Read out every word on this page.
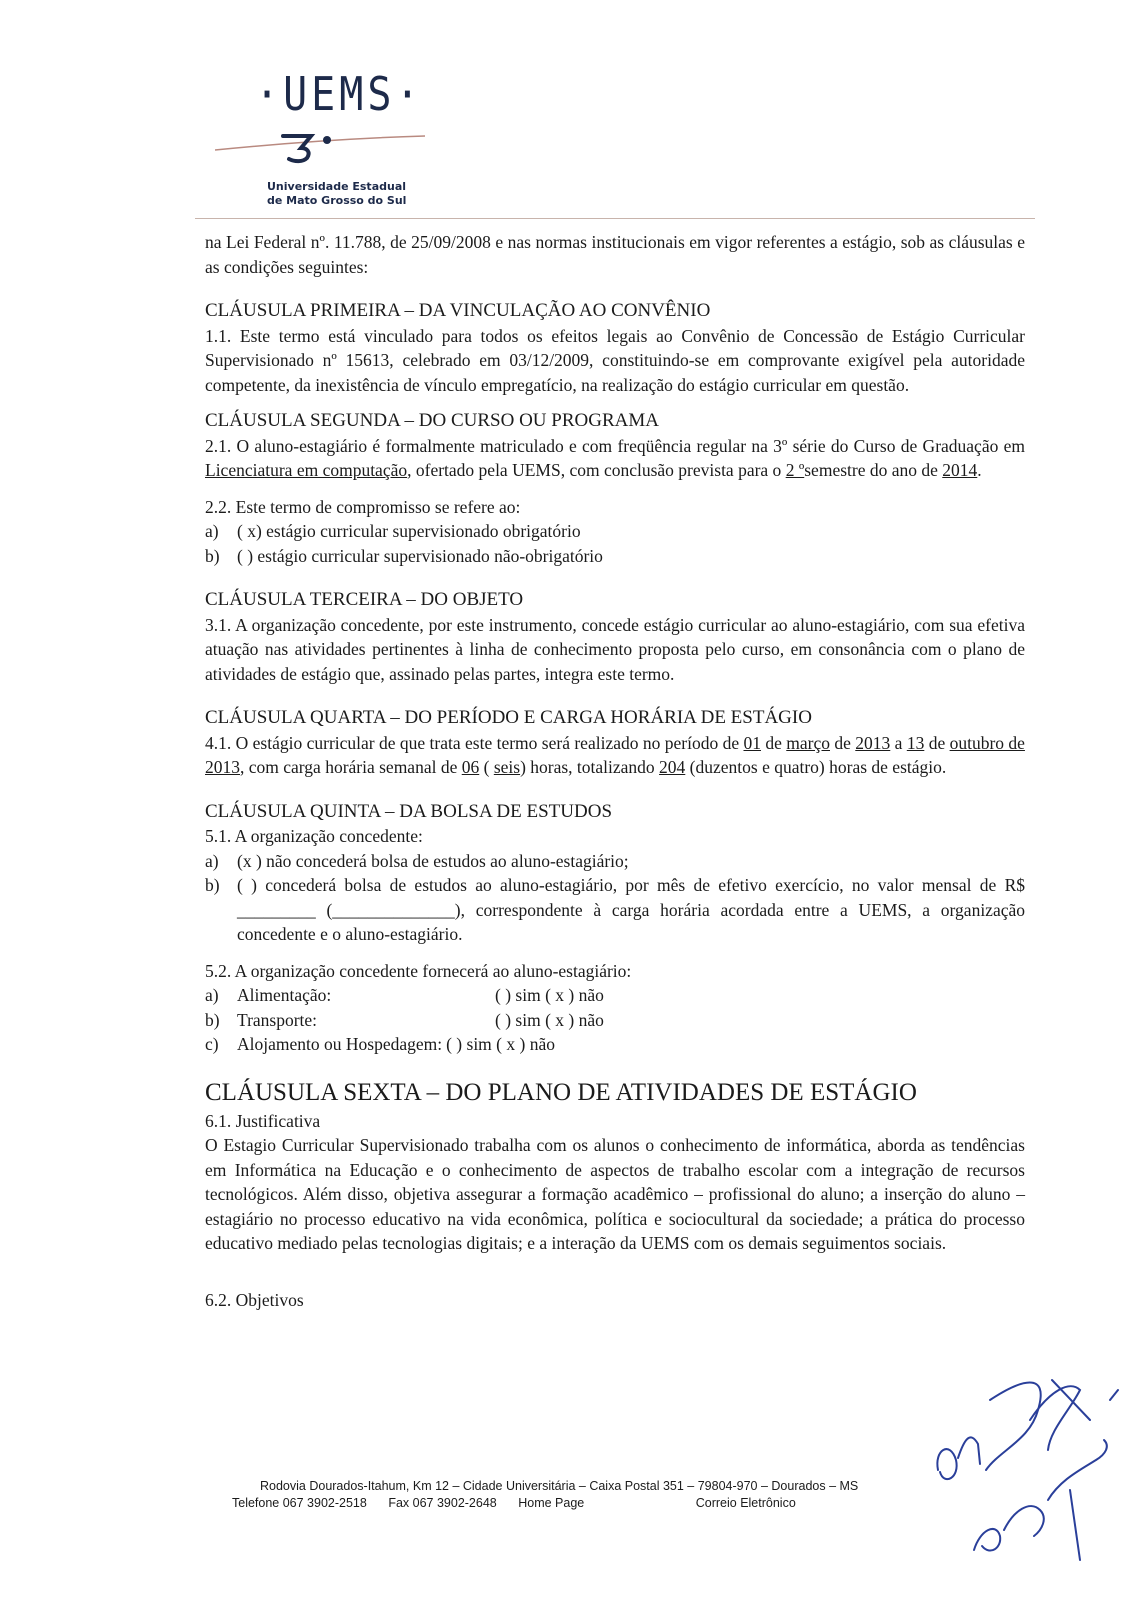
·UEMS·
Universidade Estadual
de Mato Grosso do Sul

na Lei Federal nº. 11.788, de 25/09/2008 e nas normas institucionais em vigor referentes a estágio, sob as cláusulas e as condições seguintes:

CLÁUSULA PRIMEIRA – DA VINCULAÇÃO AO CONVÊNIO

1.1. Este termo está vinculado para todos os efeitos legais ao Convênio de Concessão de Estágio Curricular Supervisionado nº 15613, celebrado em 03/12/2009, constituindo-se em comprovante exigível pela autoridade competente, da inexistência de vínculo empregatício, na realização do estágio curricular em questão.

CLÁUSULA SEGUNDA – DO CURSO OU PROGRAMA

2.1. O aluno-estagiário é formalmente matriculado e com freqüência regular na 3º série do Curso de Graduação em Licenciatura em computação, ofertado pela UEMS, com conclusão prevista para o 2 ºsemestre do ano de 2014.

2.2. Este termo de compromisso se refere ao:

a)	( x) estágio curricular supervisionado obrigatório
b) ( ) estágio curricular supervisionado não-obrigatório

CLÁUSULA TERCEIRA – DO OBJETO

3.1. A organização concedente, por este instrumento, concede estágio curricular ao aluno-estagiário, com sua efetiva atuação nas atividades pertinentes à linha de conhecimento proposta pelo curso, em consonância com o plano de atividades de estágio que, assinado pelas partes, integra este termo.

CLÁUSULA QUARTA – DO PERÍODO E CARGA HORÁRIA DE ESTÁGIO

4.1. O estágio curricular de que trata este termo será realizado no período de 01 de março de 2013 a 13 de outubro de 2013, com carga horária semanal de 06 ( seis) horas, totalizando 204 (duzentos e quatro) horas de estágio.

CLÁUSULA QUINTA – DA BOLSA DE ESTUDOS

5.1. A organização concedente:

a)	(x ) não concederá bolsa de estudos ao aluno-estagiário;
b) ( ) concederá bolsa de estudos ao aluno-estagiário, por mês de efetivo exercício, no valor mensal de R$ _________ (______________), correspondente à carga horária acordada entre a UEMS, a organização concedente e o aluno-estagiário.

5.2. A organização concedente fornecerá ao aluno-estagiário:

a)	Alimentação:	( ) sim ( x ) não
b) Transporte:	( ) sim ( x ) não
c)	Alojamento ou Hospedagem: ( ) sim ( x ) não

CLÁUSULA SEXTA – DO PLANO DE ATIVIDADES DE ESTÁGIO

6.1. Justificativa

O Estagio Curricular Supervisionado trabalha com os alunos o conhecimento de informática, aborda as tendências em Informática na Educação e o conhecimento de aspectos de trabalho escolar com a integração de recursos tecnológicos. Além disso, objetiva assegurar a formação acadêmico – profissional do aluno; a inserção do aluno – estagiário no processo educativo na vida econômica, política e sociocultural da sociedade; a prática do processo educativo mediado pelas tecnologias digitais; e a interação da UEMS com os demais seguimentos sociais.

6.2. Objetivos

Rodovia Dourados-Itahum, Km 12 – Cidade Universitária – Caixa Postal 351 – 79804-970 – Dourados – MS
Telefone 067 3902-2518 Fax 067 3902-2648 Home Page	Correio Eletrônico
